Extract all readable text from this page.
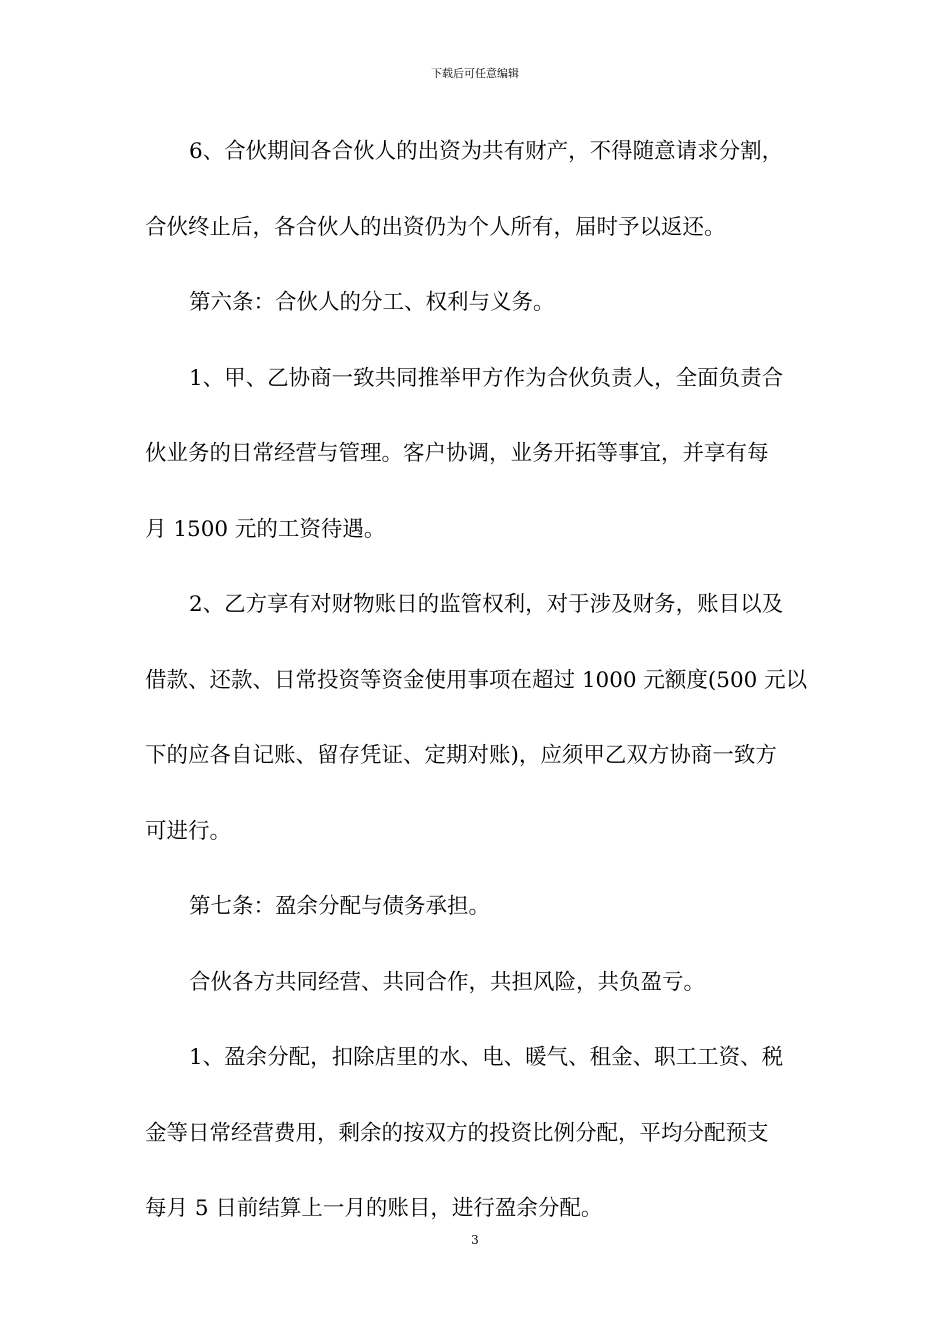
下载后可任意编辑
6、合伙期间各合伙人的出资为共有财产，不得随意请求分割，
合伙终止后，各合伙人的出资仍为个人所有，届时予以返还。
第六条：合伙人的分工、权利与义务。
1、甲、乙协商一致共同推举甲方作为合伙负责人，全面负责合
伙业务的日常经营与管理。客户协调，业务开拓等事宜，并享有每
月 1500 元的工资待遇。
2、乙方享有对财物账日的监管权利，对于涉及财务，账目以及
借款、还款、日常投资等资金使用事项在超过 1000 元额度(500 元以
下的应各自记账、留存凭证、定期对账)，应须甲乙双方协商一致方
可进行。
第七条：盈余分配与债务承担。
合伙各方共同经营、共同合作，共担风险，共负盈亏。
1、盈余分配，扣除店里的水、电、暖气、租金、职工工资、税
金等日常经营费用，剩余的按双方的投资比例分配，平均分配预支
每月 5 日前结算上一月的账目，进行盈余分配。
3
